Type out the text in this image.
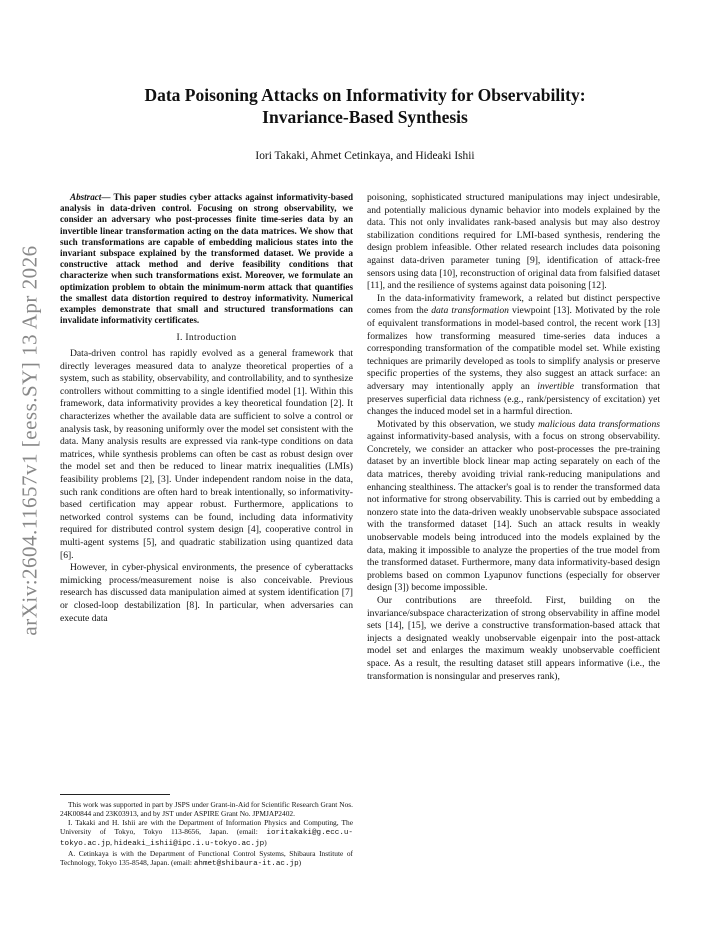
arXiv:2604.11657v1 [eess.SY] 13 Apr 2026
Data Poisoning Attacks on Informativity for Observability:
Invariance-Based Synthesis
Iori Takaki, Ahmet Cetinkaya, and Hideaki Ishii

Abstract— This paper studies cyber attacks against informativity-based analysis in data-driven control. Focusing on strong observability, we consider an adversary who post-processes finite time-series data by an invertible linear transformation acting on the data matrices. We show that such transformations are capable of embedding malicious states into the invariant subspace explained by the transformed dataset. We provide a constructive attack method and derive feasibility conditions that characterize when such transformations exist. Moreover, we formulate an optimization problem to obtain the minimum-norm attack that quantifies the smallest data distortion required to destroy informativity. Numerical examples demonstrate that small and structured transformations can invalidate informativity certificates.

I. Introduction

Data-driven control has rapidly evolved as a general framework that directly leverages measured data to analyze theoretical properties of a system, such as stability, observability, and controllability, and to synthesize controllers without committing to a single identified model [1]. Within this framework, data informativity provides a key theoretical foundation [2]. It characterizes whether the available data are sufficient to solve a control or analysis task, by reasoning uniformly over the model set consistent with the data. Many analysis results are expressed via rank-type conditions on data matrices, while synthesis problems can often be cast as robust design over the model set and then be reduced to linear matrix inequalities (LMIs) feasibility problems [2], [3]. Under independent random noise in the data, such rank conditions are often hard to break intentionally, so informativity-based certification may appear robust. Furthermore, applications to networked control systems can be found, including data informativity required for distributed control system design [4], cooperative control in multi-agent systems [5], and quadratic stabilization using quantized data [6].

However, in cyber-physical environments, the presence of cyberattacks mimicking process/measurement noise is also conceivable. Previous research has discussed data manipulation aimed at system identification [7] or closed-loop destabilization [8]. In particular, when adversaries can execute data

This work was supported in part by JSPS under Grant-in-Aid for Scientific Research Grant Nos. 24K00844 and 23K03913, and by JST under ASPIRE Grant No. JPMJAP2402.

I. Takaki and H. Ishii are with the Department of Information Physics and Computing, The University of Tokyo, Tokyo 113-8656, Japan. (email: ioritakaki@g.ecc.u-tokyo.ac.jp, hideaki_ishii@ipc.i.u-tokyo.ac.jp)

A. Cetinkaya is with the Department of Functional Control Systems, Shibaura Institute of Technology, Tokyo 135-8548, Japan. (email: ahmet@shibaura-it.ac.jp)

poisoning, sophisticated structured manipulations may inject undesirable, and potentially malicious dynamic behavior into models explained by the data. This not only invalidates rank-based analysis but may also destroy stabilization conditions required for LMI-based synthesis, rendering the design problem infeasible. Other related research includes data poisoning against data-driven parameter tuning [9], identification of attack-free sensors using data [10], reconstruction of original data from falsified dataset [11], and the resilience of systems against data poisoning [12].

In the data-informativity framework, a related but distinct perspective comes from the data transformation viewpoint [13]. Motivated by the role of equivalent transformations in model-based control, the recent work [13] formalizes how transforming measured time-series data induces a corresponding transformation of the compatible model set. While existing techniques are primarily developed as tools to simplify analysis or preserve specific properties of the systems, they also suggest an attack surface: an adversary may intentionally apply an invertible transformation that preserves superficial data richness (e.g., rank/persistency of excitation) yet changes the induced model set in a harmful direction.

Motivated by this observation, we study malicious data transformations against informativity-based analysis, with a focus on strong observability. Concretely, we consider an attacker who post-processes the pre-training dataset by an invertible block linear map acting separately on each of the data matrices, thereby avoiding trivial rank-reducing manipulations and enhancing stealthiness. The attacker's goal is to render the transformed data not informative for strong observability. This is carried out by embedding a nonzero state into the data-driven weakly unobservable subspace associated with the transformed dataset [14]. Such an attack results in weakly unobservable models being introduced into the models explained by the data, making it impossible to analyze the properties of the true model from the transformed dataset. Furthermore, many data informativity-based design problems based on common Lyapunov functions (especially for observer design [3]) become impossible.

Our contributions are threefold. First, building on the invariance/subspace characterization of strong observability in affine model sets [14], [15], we derive a constructive transformation-based attack that injects a designated weakly unobservable eigenpair into the post-attack model set and enlarges the maximum weakly unobservable coefficient space. As a result, the resulting dataset still appears informative (i.e., the transformation is nonsingular and preserves rank),
